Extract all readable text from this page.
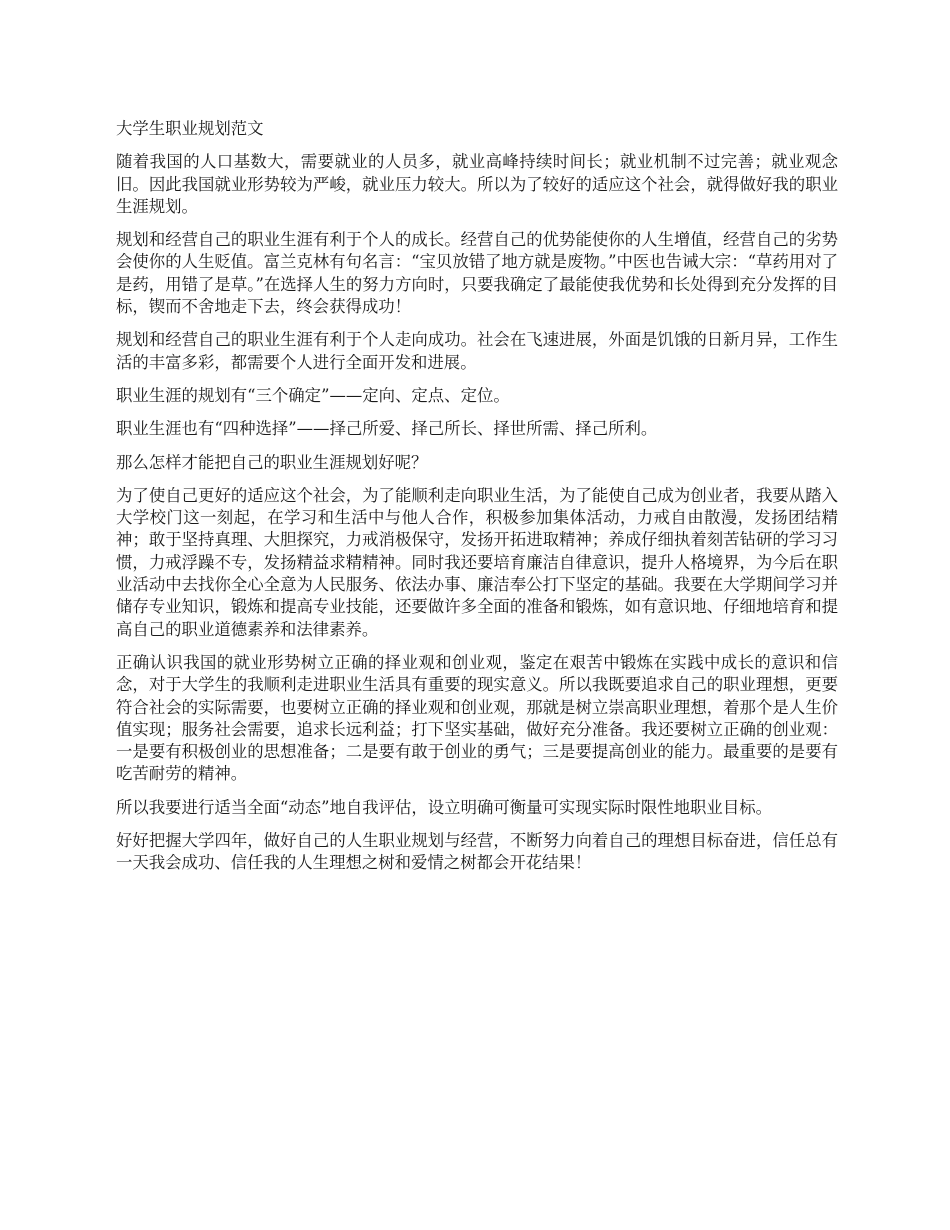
大学生职业规划范文

随着我国的人口基数大，需要就业的人员多，就业高峰持续时间长；就业机制不过完善；就业观念旧。因此我国就业形势较为严峻，就业压力较大。所以为了较好的适应这个社会，就得做好我的职业生涯规划。

规划和经营自己的职业生涯有利于个人的成长。经营自己的优势能使你的人生增值，经营自己的劣势会使你的人生贬值。富兰克林有句名言：“宝贝放错了地方就是废物。”中医也告诫大宗：“草药用对了是药，用错了是草。”在选择人生的努力方向时，只要我确定了最能使我优势和长处得到充分发挥的目标，锲而不舍地走下去，终会获得成功！

规划和经营自己的职业生涯有利于个人走向成功。社会在飞速进展，外面是饥饿的日新月异，工作生活的丰富多彩，都需要个人进行全面开发和进展。

职业生涯的规划有“三个确定”——定向、定点、定位。

职业生涯也有“四种选择”——择己所爱、择己所长、择世所需、择己所利。

那么怎样才能把自己的职业生涯规划好呢？

为了使自己更好的适应这个社会，为了能顺利走向职业生活，为了能使自己成为创业者，我要从踏入大学校门这一刻起，在学习和生活中与他人合作，积极参加集体活动，力戒自由散漫，发扬团结精神；敢于坚持真理、大胆探究，力戒消极保守，发扬开拓进取精神；养成仔细执着刻苦钻研的学习习惯，力戒浮躁不专，发扬精益求精精神。同时我还要培育廉洁自律意识，提升人格境界，为今后在职业活动中去找你全心全意为人民服务、依法办事、廉洁奉公打下坚定的基础。我要在大学期间学习并储存专业知识，锻炼和提高专业技能，还要做许多全面的准备和锻炼，如有意识地、仔细地培育和提高自己的职业道德素养和法律素养。

正确认识我国的就业形势树立正确的择业观和创业观，鉴定在艰苦中锻炼在实践中成长的意识和信念，对于大学生的我顺利走进职业生活具有重要的现实意义。所以我既要追求自己的职业理想，更要符合社会的实际需要，也要树立正确的择业观和创业观，那就是树立崇高职业理想，着那个是人生价值实现；服务社会需要，追求长远利益；打下坚实基础，做好充分准备。我还要树立正确的创业观：一是要有积极创业的思想准备；二是要有敢于创业的勇气；三是要提高创业的能力。最重要的是要有吃苦耐劳的精神。

所以我要进行适当全面“动态”地自我评估，设立明确可衡量可实现实际时限性地职业目标。

好好把握大学四年，做好自己的人生职业规划与经营，不断努力向着自己的理想目标奋进，信任总有一天我会成功、信任我的人生理想之树和爱情之树都会开花结果！
